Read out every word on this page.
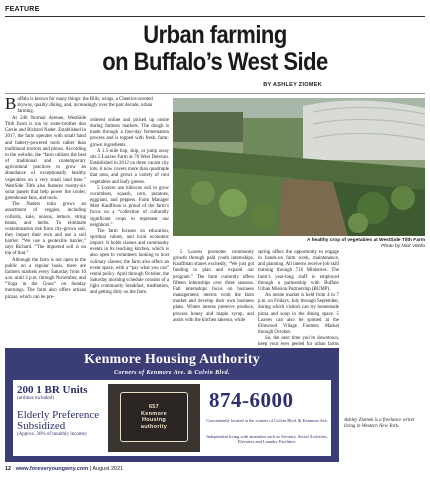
FEATURE
Urban farming
on Buffalo’s West Side
BY ASHLEY ZIOMEK
B uffalo is known for many things: the Bills, wings, a Cheerios-scented skyway, quality dining, and, increasingly over the past decade, urban farming.

At 246 Normal Avenue, WestSide Tilth Farm is run by sister-brother duo Carrie and Richard Nader. Established in 2017, the farm operates with small hand and battery-powered tools rather than traditional tractors and plows. According to the website, the “farm utilizes the best of traditional and contemporary agricultural practices to grow an abundance of exceptionally healthy vegetables on a very small land base.” WestSide Tilth also features twenty-six solar panels that help power the cooler, greenhouse fans, and tools.

The Naders train grows an assortment of veggies, including collards, kale, onions, lettuce, string beans, and herbs. To eliminate contamination risk from city-grown soil, they import their own and use a soil barrier. “We use a geotextile barrier,” says Richard. “The imported soil is on top of that.”

Although the farm is not open to the public on a regular basis, there are farmers markets every Saturday from 10 a.m. until 3 p.m. through November, and “Yoga in the Grass” on Sunday mornings. The farm also offers artisan pizzas, which can be pre-

ordered online and picked up onsite during farmers markets. The dough is made through a four-day fermentation process and is topped with fresh, farm-grown ingredients.

A 1.5-mile hop, skip, or jump away sits 5 Loaves Farm at 70 West Delevan. Established in 2012 on three vacant city lots, it now covers more than quadruple that area, and grows a variety of root vegetables and leafy greens.

5 Loaves use hibiscus soil to grow cucumbers, squash, corn, potatoes, eggplant, and peppers. Farm Manager Matt Kauffman is proud of the farm’s focus on a “collection of culturally significant crops to represent our neighbors.”

The farm focuses on education, spiritual values, and local economic impact. It holds classes and community events in its teaching kitchen, which is also open to volunteers looking to host culinary classes; the farm also offers an event space, with a “pay what you can” rental policy. April through October, the Saturday morning schedule consists of a light community breakfast, meditation, and getting dirty on the farm.

A healthy crop of vegetables at WestSide Tilth Farm
Photo by Nick Vitello

5 Loaves promotes community growth through paid youth internships. Kauffman shares excitedly, “We just got funding to plan and expand our program.” The farm currently offers fifteen internships over three seasons. Fall internships focus on business management; interns work the farm market and develop their own business plans. Winter interns preserve produce, process honey and maple syrup, and assist with the kitchen takeout, while

spring offers the opportunity to engage in hands-on farm work, maintenance, and planning. All interns receive job skill training through 716 Ministries. The farm’s year-long staff is employed through a partnership with Buffalo Urban Mission Partnership (BUMP).

An onsite market is held from 4 to 7 p.m. on Fridays, July through September, during which visitors can try homemade pizza and soup in the dining space. 5 Loaves can also be spotted at the Elmwood Village Farmers Market through October.

So, the next time you’re downtown, keep your eyes peeled for urban farms

Ashley Ziomek is a freelance writer living in Western New York.

Kenmore Housing Authority
Corners of Kenmore Ave. & Colvin Blvd.
200 1 BR Units
(utilities included)
Elderly Preference
Subsidized
(Approx. 30% of monthly income)
657
Kenmore
Housing
authority
874-6000
Conveniently located at the corners of Colvin Blvd. & Kenmore Ave.
Independent living with amenities such as Security, Social Activities, Elevators and Laundry Facilities.
12 www.foreveryoungwny.com | August 2021
